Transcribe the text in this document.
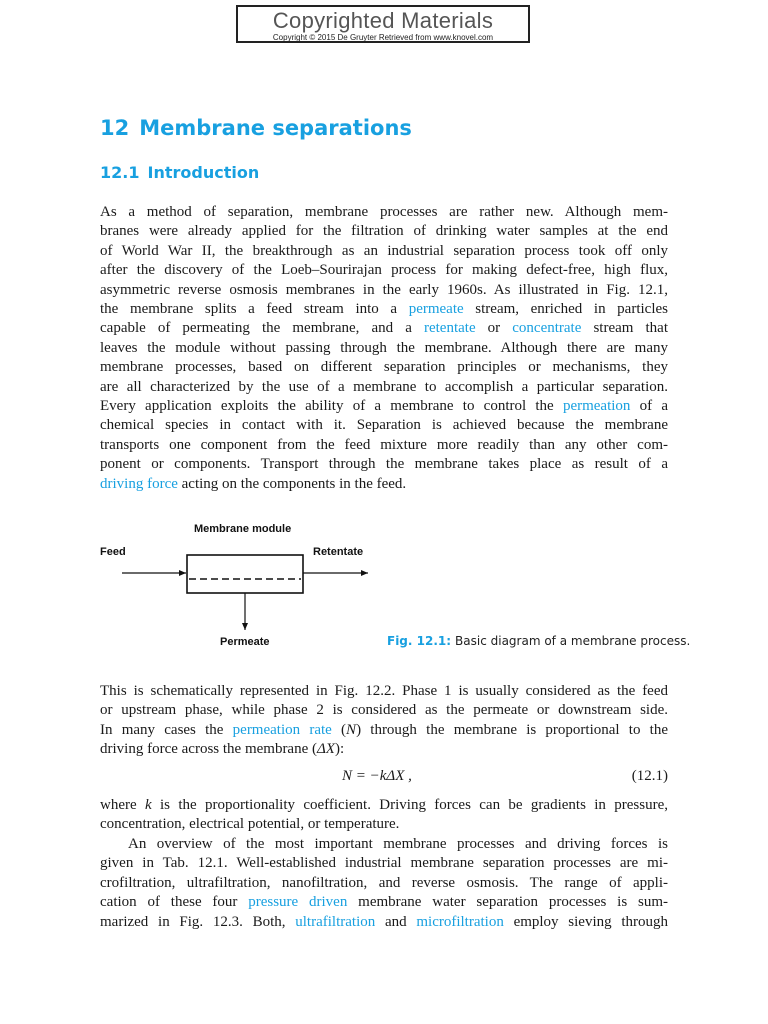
Copyrighted Materials
Copyright © 2015 De Gruyter Retrieved from www.knovel.com
12 Membrane separations
12.1 Introduction
As a method of separation, membrane processes are rather new. Although mem-
branes were already applied for the filtration of drinking water samples at the end
of World War II, the breakthrough as an industrial separation process took off only
after the discovery of the Loeb–Sourirajan process for making defect-free, high flux,
asymmetric reverse osmosis membranes in the early 1960s. As illustrated in Fig. 12.1,
the membrane splits a feed stream into a permeate stream, enriched in particles
capable of permeating the membrane, and a retentate or concentrate stream that
leaves the module without passing through the membrane. Although there are many
membrane processes, based on different separation principles or mechanisms, they
are all characterized by the use of a membrane to accomplish a particular separation.
Every application exploits the ability of a membrane to control the permeation of a
chemical species in contact with it. Separation is achieved because the membrane
transports one component from the feed mixture more readily than any other com-
ponent or components. Transport through the membrane takes place as result of a
driving force acting on the components in the feed.
Membrane module
Feed	Retentate
Permeate	Fig. 12.1: Basic diagram of a membrane process.
This is schematically represented in Fig. 12.2. Phase 1 is usually considered as the feed
or upstream phase, while phase 2 is considered as the permeate or downstream side.
In many cases the permeation rate (N) through the membrane is proportional to the
driving force across the membrane (ΔX):
N = −kΔX ,	(12.1)
where k is the proportionality coefficient. Driving forces can be gradients in pressure,
concentration, electrical potential, or temperature.
An overview of the most important membrane processes and driving forces is
given in Tab. 12.1. Well-established industrial membrane separation processes are mi-
crofiltration, ultrafiltration, nanofiltration, and reverse osmosis. The range of appli-
cation of these four pressure driven membrane water separation processes is sum-
marized in Fig. 12.3. Both, ultrafiltration and microfiltration employ sieving through
